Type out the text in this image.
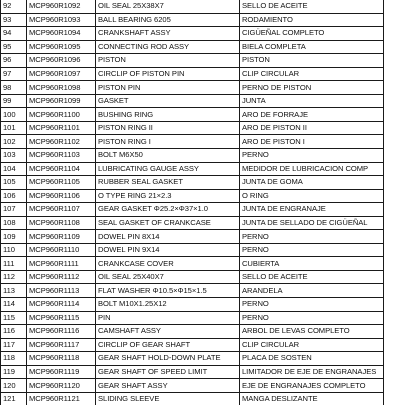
92	MCP960R1092	OIL SEAL 25X38X7	SELLO DE ACEITE
93	MCP960R1093	BALL BEARING 6205	RODAMIENTO
94	MCP960R1094	CRANKSHAFT ASSY	CIGÜEÑAL COMPLETO
95	MCP960R1095	CONNECTING ROD ASSY	BIELA COMPLETA
96	MCP960R1096	PISTON	PISTON
97	MCP960R1097	CIRCLIP OF PISTON PIN	CLIP CIRCULAR
98	MCP960R1098	PISTON PIN	PERNO DE PISTON
99	MCP960R1099	GASKET	JUNTA
100	MCP960R1100	BUSHING RING	ARO DE FORRAJE
101	MCP960R1101	PISTON RING II	ARO DE PISTON II
102	MCP960R1102	PISTON RING I	ARO DE PISTON I
103	MCP960R1103	BOLT M6X50	PERNO
104	MCP960R1104	LUBRICATING GAUGE ASSY	MEDIDOR DE LUBRICACION COMP
105	MCP960R1105	RUBBER SEAL GASKET	JUNTA DE GOMA
106	MCP960R1106	O TYPE RING 21×2.3	O RING
107	MCP960R1107	GEAR GASKET Φ25.2×Φ37×1.0	JUNTA DE ENGRANAJE
108	MCP960R1108	SEAL GASKET OF CRANKCASE	JUNTA DE SELLADO DE CIGÜEÑAL
109	MCP960R1109	DOWEL PIN 8X14	PERNO
110	MCP960R1110	DOWEL PIN 9X14	PERNO
111	MCP960R1111	CRANKCASE COVER	CUBIERTA
112	MCP960R1112	OIL SEAL 25X40X7	SELLO DE ACEITE
113	MCP960R1113	FLAT WASHER Φ10.5×Φ15×1.5	ARANDELA
114	MCP960R1114	BOLT M10X1.25X12	PERNO
115	MCP960R1115	PIN	PERNO
116	MCP960R1116	CAMSHAFT ASSY	ARBOL DE LEVAS COMPLETO
117	MCP960R1117	CIRCLIP OF GEAR SHAFT	CLIP CIRCULAR
118	MCP960R1118	GEAR SHAFT HOLD-DOWN PLATE	PLACA DE SOSTEN
119	MCP960R1119	GEAR SHAFT OF SPEED LIMIT	LIMITADOR DE EJE DE ENGRANAJES
120	MCP960R1120	GEAR SHAFT ASSY	EJE DE ENGRANAJES COMPLETO
121	MCP960R1121	SLIDING SLEEVE	MANGA DESLIZANTE
